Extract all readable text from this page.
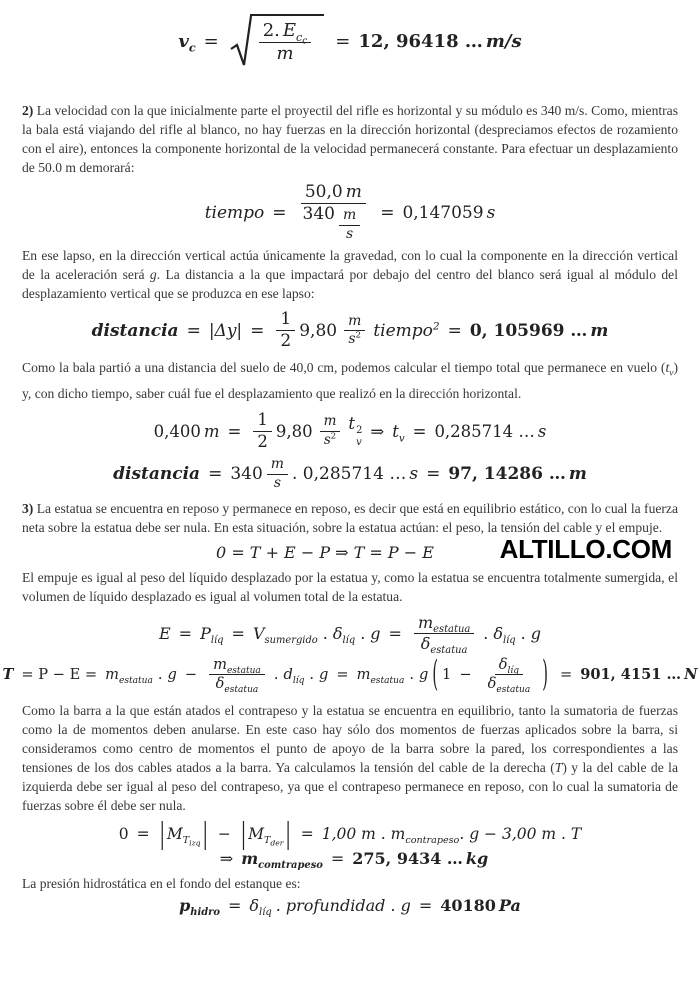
$v_c = \frac{2. E_{c_c}}{m} = 12$, 96418 … m/s

2) La velocidad con la que inicialmente parte el proyectil del rifle es horizontal y su módulo es 340 m/s. Como, mientras la bala está viajando del rifle al blanco, no hay fuerzas en la dirección horizontal (despreciamos efectos de rozamiento con el aire), entonces la componente horizontal de la velocidad permanecerá constante. Para efectuar un desplazamiento de 50.0 m demorará:

tiempo = $\frac{50,0 m}{340 \frac{m}{s}} = 0,147059$ s

En ese lapso, en la dirección vertical actúa únicamente la gravedad, con lo cual la componente en la dirección vertical de la aceleración será g. La distancia a la que impactará por debajo del centro del blanco será igual al módulo del desplazamiento vertical que se produzca en ese lapso:

distancia = $|\Delta y| = \frac{1}{2} 9,80 \frac{m}{s^2}$ tiempo$^2$ = 0, 105969 … m

Como la bala partió a una distancia del suelo de 40,0 cm, podemos calcular el tiempo total que permanece en vuelo $(t_v)$ y, con dicho tiempo, saber cuál fue el desplazamiento que realizó en la dirección horizontal.

0,400 $m = \frac{1}{2} 9,80 \frac{m}{s^2}$ t 2
v
⇒ $t_v = 0,285714$ … s
distancia = $340 \frac{m}{s}$ . 0,285714 … s = 97, 14286 … m

3) La estatua se encuentra en reposo y permanece en reposo, es decir que está en equilibrio estático, con lo cual la fuerza neta sobre la estatua debe ser nula. En esta situación, sobre la estatua actúan: el peso, la tensión del cable y el empuje.

0 = T + E − P ⇒ T = P − E	ALTILLO.COM

El empuje es igual al peso del líquido desplazado por la estatua y, como la estatua se encuentra totalmente sumergida, el volumen de líquido desplazado es igual al volumen total de la estatua.

$E = P_{líq} = V_{sumergido}$ . $\delta_{líq}$ . $g = \frac{m_{estatua}}{\delta_{estatua}}$ . $\delta_{líq}$ . g
$T = P - E = m_{estatua}$ . $g - \frac{m_{estatua}}{\delta_{estatua}}$ . $d_{líq}$ . $g = m_{estatua}$ . g ( $1 - \frac{\delta_{líq}}{\delta_{estatua}}$ ) = 901, 4151 … N

Como la barra a la que están atados el contrapeso y la estatua se encuentra en equilibrio, tanto la sumatoria de fuerzas como la de momentos deben anularse. En este caso hay sólo dos momentos de fuerzas aplicados sobre la barra, si consideramos como centro de momentos el punto de apoyo de la barra sobre la pared, los correspondientes a las tensiones de los dos cables atados a la barra. Ya calculamos la tensión del cable de la derecha (T) y la del cable de la izquierda debe ser igual al peso del contrapeso, ya que el contrapeso permanece en reposo, con lo cual la sumatoria de fuerzas sobre él debe ser nula.

0 = | $M_{T_{izq}}$ | − | $M_{T_{der}}$ | = 1,00 m . $m_{contrapeso}$. g − 3,00 m . T
⇒ $m_{comtrapeso} = 275$, 9434 … kg

La presión hidrostática en el fondo del estanque es:

$p_{hidro} = \delta_{líq}$ . profundidad . g = 40180 Pa
